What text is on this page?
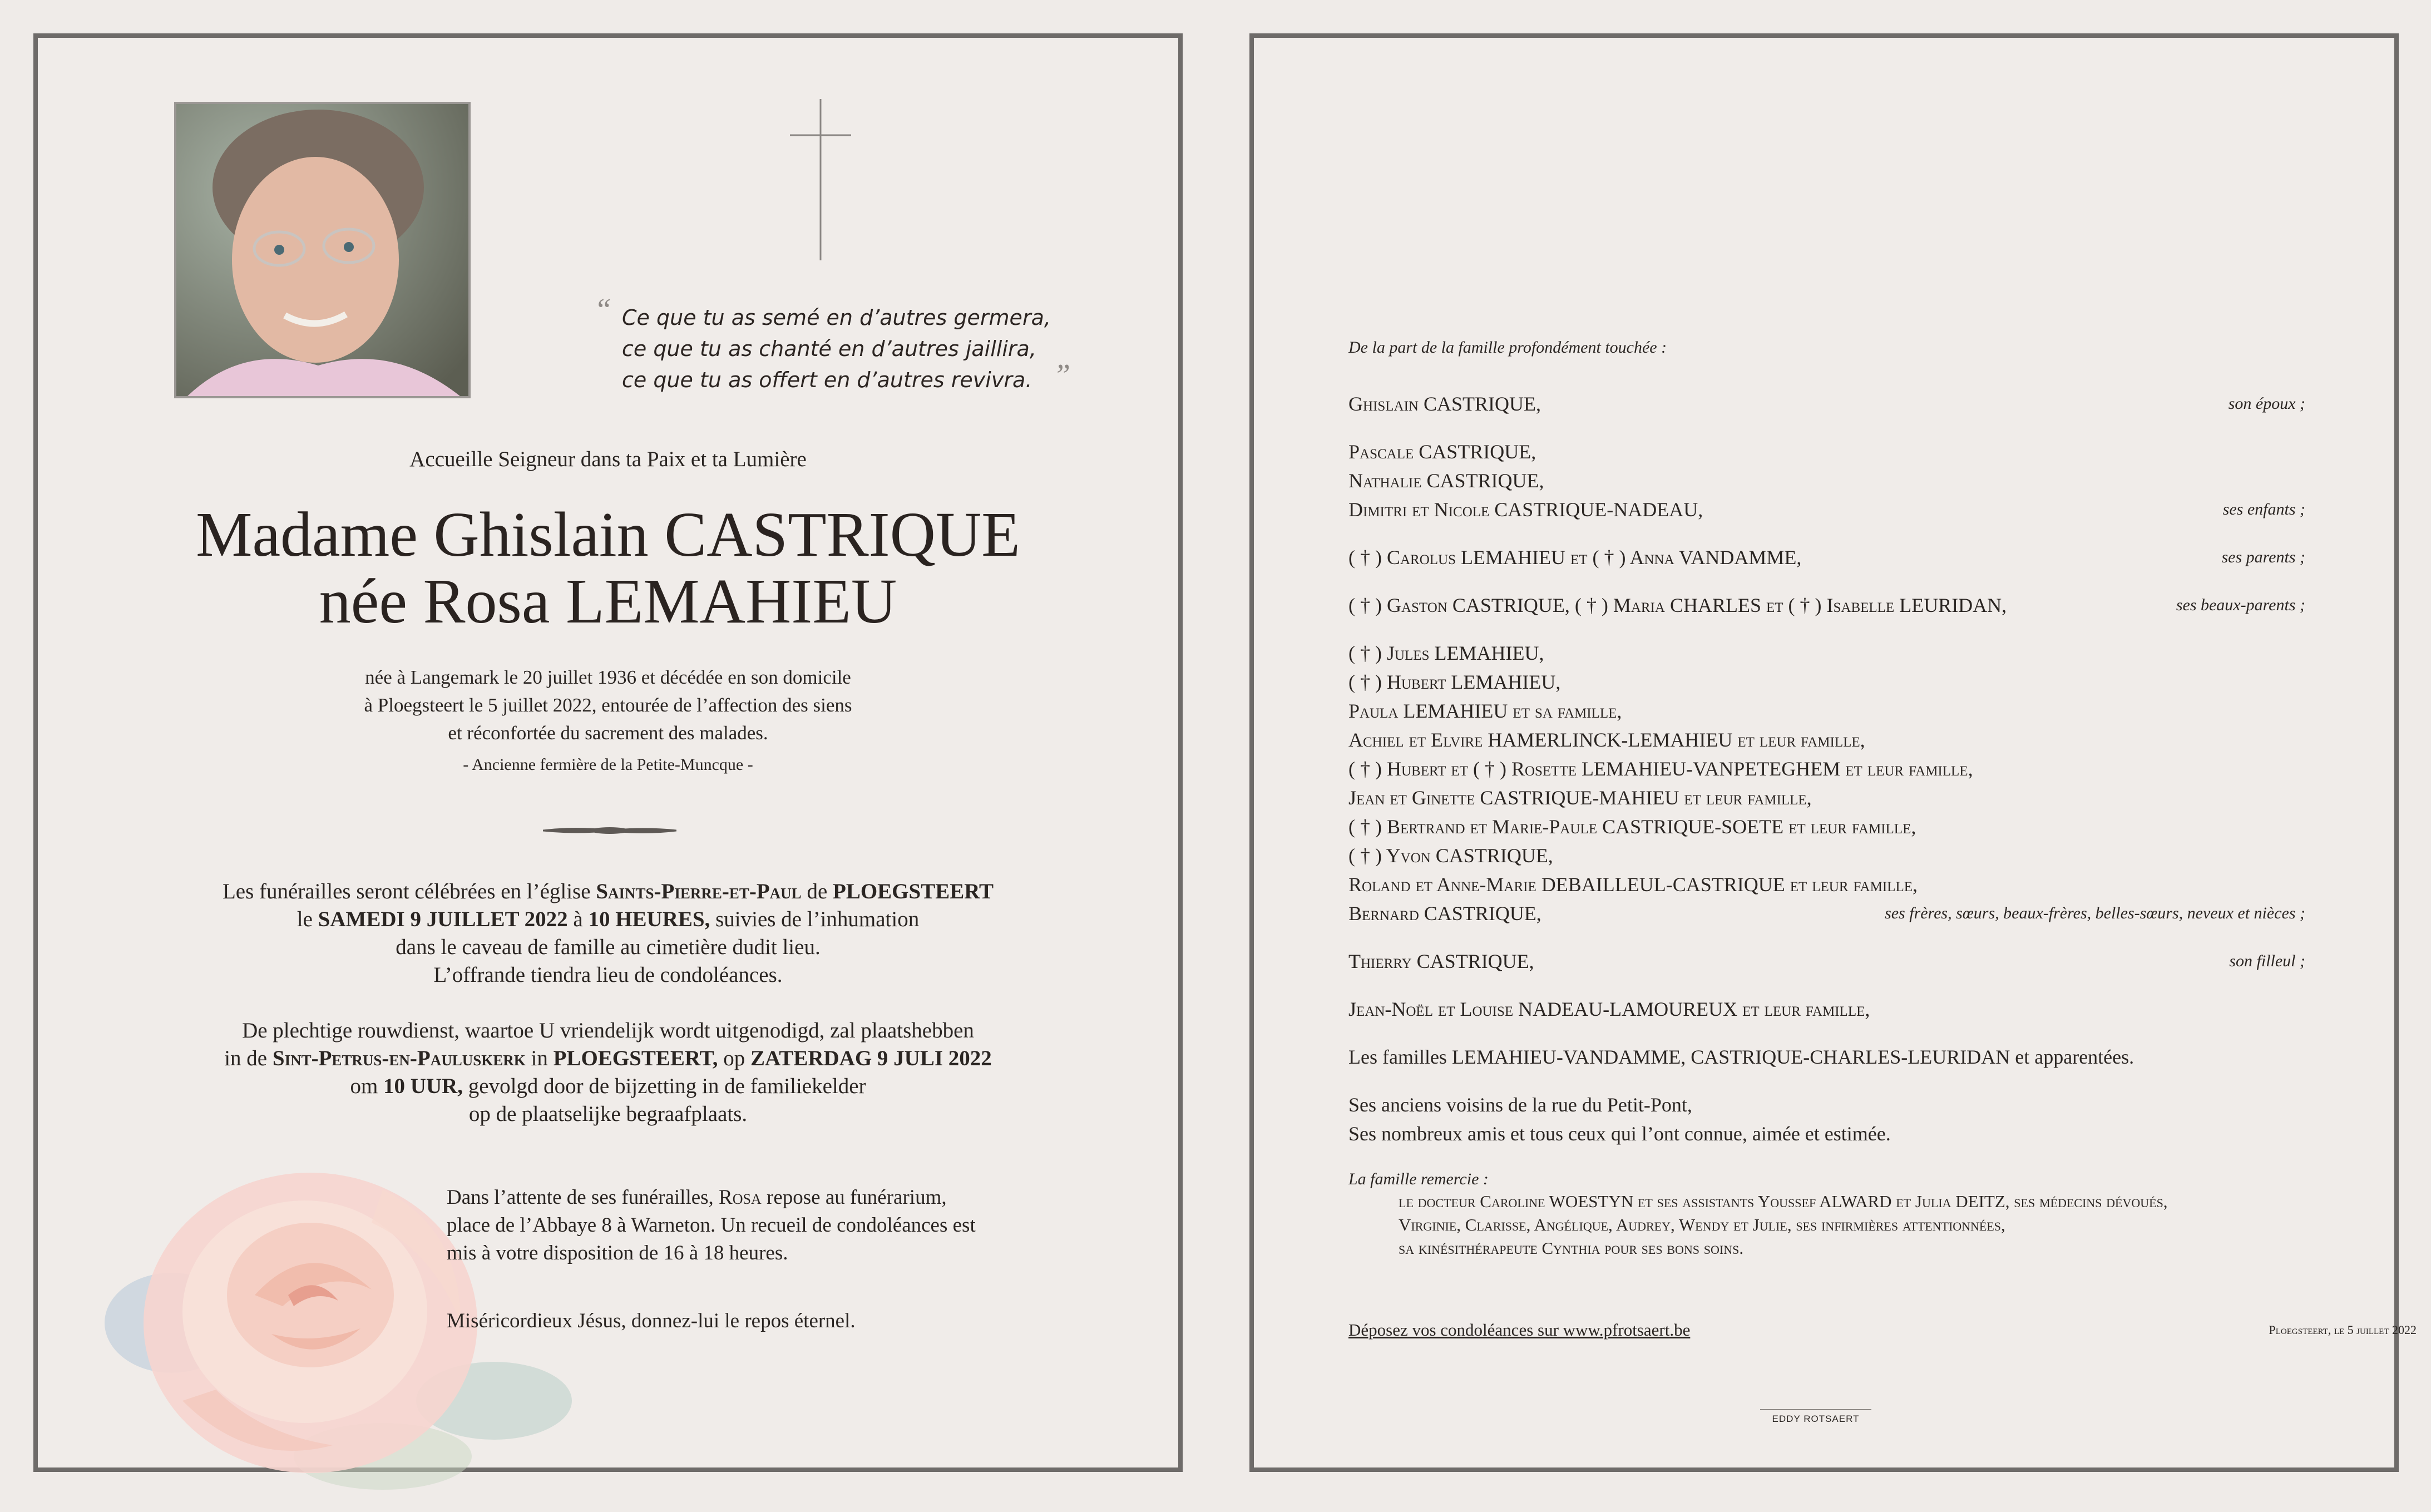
“ Ce que tu as semé en d’autres germera,
ce que tu as chanté en d’autres jaillira,
ce que tu as offert en d’autres revivra. ”
Accueille Seigneur dans ta Paix et ta Lumière
Madame Ghislain CASTRIQUE
née Rosa LEMAHIEU
née à Langemark le 20 juillet 1936 et décédée en son domicile
à Ploegsteert le 5 juillet 2022, entourée de l’affection des siens
et réconfortée du sacrement des malades.
- Ancienne fermière de la Petite-Muncque -
Les funérailles seront célébrées en l’église Saints-Pierre-et-Paul de PLOEGSTEERT
le SAMEDI 9 JUILLET 2022 à 10 HEURES, suivies de l’inhumation
dans le caveau de famille au cimetière dudit lieu.
L’offrande tiendra lieu de condoléances.
De plechtige rouwdienst, waartoe U vriendelijk wordt uitgenodigd, zal plaatshebben
in de Sint-Petrus-en-Pauluskerk in PLOEGSTEERT, op ZATERDAG 9 JULI 2022
om 10 UUR, gevolgd door de bijzetting in de familiekelder
op de plaatselijke begraafplaats.
Dans l’attente de ses funérailles, Rosa repose au funérarium,
place de l’Abbaye 8 à Warneton. Un recueil de condoléances est
mis à votre disposition de 16 à 18 heures.
Miséricordieux Jésus, donnez-lui le repos éternel.
De la part de la famille profondément touchée :
Ghislain CASTRIQUE,	son époux ;
Pascale CASTRIQUE,
Nathalie CASTRIQUE,
Dimitri et Nicole CASTRIQUE-NADEAU,	ses enfants ;
( † ) Carolus LEMAHIEU et ( † ) Anna VANDAMME,	ses parents ;
( † ) Gaston CASTRIQUE, ( † ) Maria CHARLES et ( † ) Isabelle LEURIDAN,	ses beaux-parents ;
( † ) Jules LEMAHIEU,
( † ) Hubert LEMAHIEU,
Paula LEMAHIEU et sa famille,
Achiel et Elvire HAMERLINCK-LEMAHIEU et leur famille,
( † ) Hubert et ( † ) Rosette LEMAHIEU-VANPETEGHEM et leur famille,
Jean et Ginette CASTRIQUE-MAHIEU et leur famille,
( † ) Bertrand et Marie-Paule CASTRIQUE-SOETE et leur famille,
( † ) Yvon CASTRIQUE,
Roland et Anne-Marie DEBAILLEUL-CASTRIQUE et leur famille,
Bernard CASTRIQUE,	ses frères, sœurs, beaux-frères, belles-sœurs, neveux et nièces ;
Thierry CASTRIQUE,	son filleul ;
Jean-Noël et Louise NADEAU-LAMOUREUX et leur famille,
Les familles LEMAHIEU-VANDAMME, CASTRIQUE-CHARLES-LEURIDAN et apparentées.
Ses anciens voisins de la rue du Petit-Pont,
Ses nombreux amis et tous ceux qui l’ont connue, aimée et estimée.
La famille remercie :
le docteur Caroline WOESTYN et ses assistants Youssef ALWARD et Julia DEITZ, ses médecins dévoués,
Virginie, Clarisse, Angélique, Audrey, Wendy et Julie, ses infirmières attentionnées,
sa kinésithérapeute Cynthia pour ses bons soins.
Déposez vos condoléances sur www.pfrotsaert.be	Ploegsteert, le 5 juillet 2022
EDDY ROTSAERT
